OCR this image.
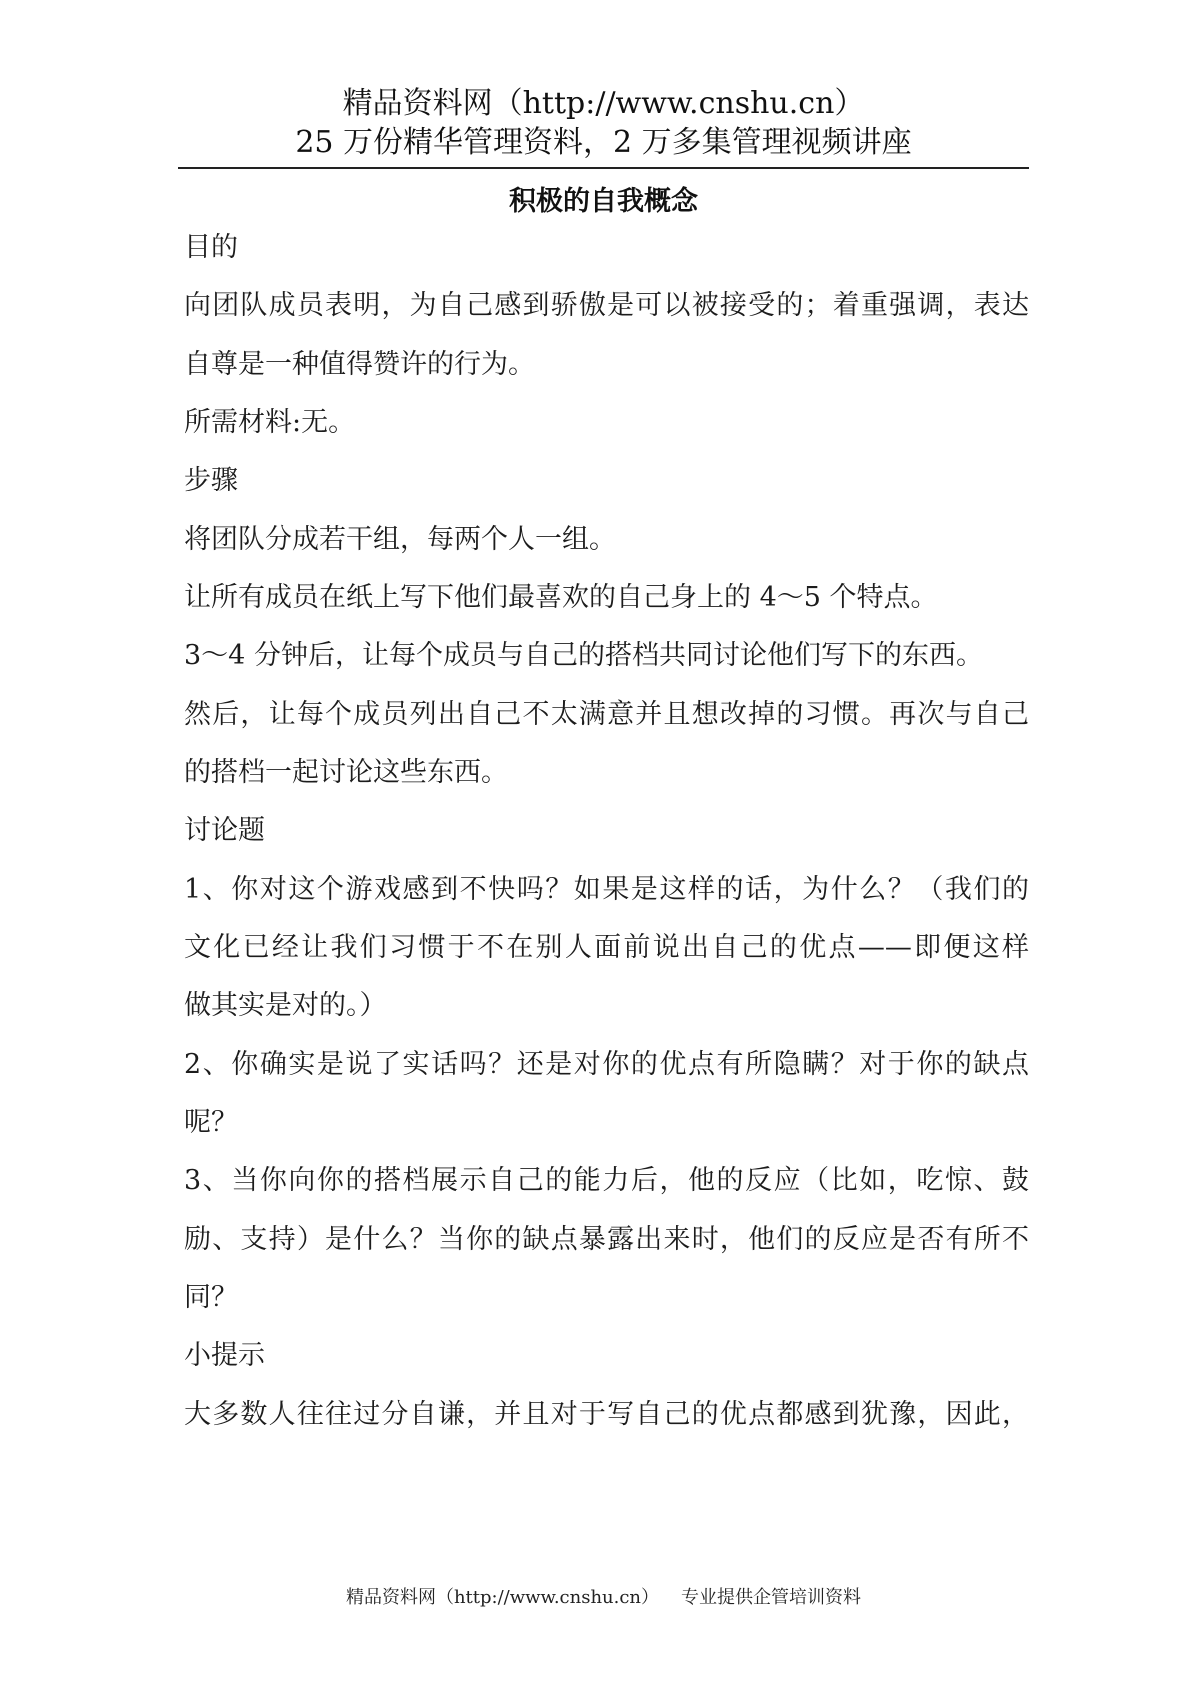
精品资料网（http://www.cnshu.cn）
25 万份精华管理资料，2 万多集管理视频讲座
积极的自我概念
目的
向团队成员表明，为自己感到骄傲是可以被接受的；着重强调，表达
自尊是一种值得赞许的行为。
所需材料:无。
步骤
将团队分成若干组，每两个人一组。
让所有成员在纸上写下他们最喜欢的自己身上的 4～5 个特点。
3～4 分钟后，让每个成员与自己的搭档共同讨论他们写下的东西。
然后，让每个成员列出自己不太满意并且想改掉的习惯。再次与自己
的搭档一起讨论这些东西。
讨论题
1、你对这个游戏感到不快吗？如果是这样的话，为什么？（我们的
文化已经让我们习惯于不在别人面前说出自己的优点——即便这样
做其实是对的。）
2、你确实是说了实话吗？还是对你的优点有所隐瞒？对于你的缺点
呢？
3、当你向你的搭档展示自己的能力后，他的反应（比如，吃惊、鼓
励、支持）是什么？当你的缺点暴露出来时，他们的反应是否有所不
同？
小提示
大多数人往往过分自谦，并且对于写自己的优点都感到犹豫，因此，
精品资料网（http://www.cnshu.cn） 专业提供企管培训资料
